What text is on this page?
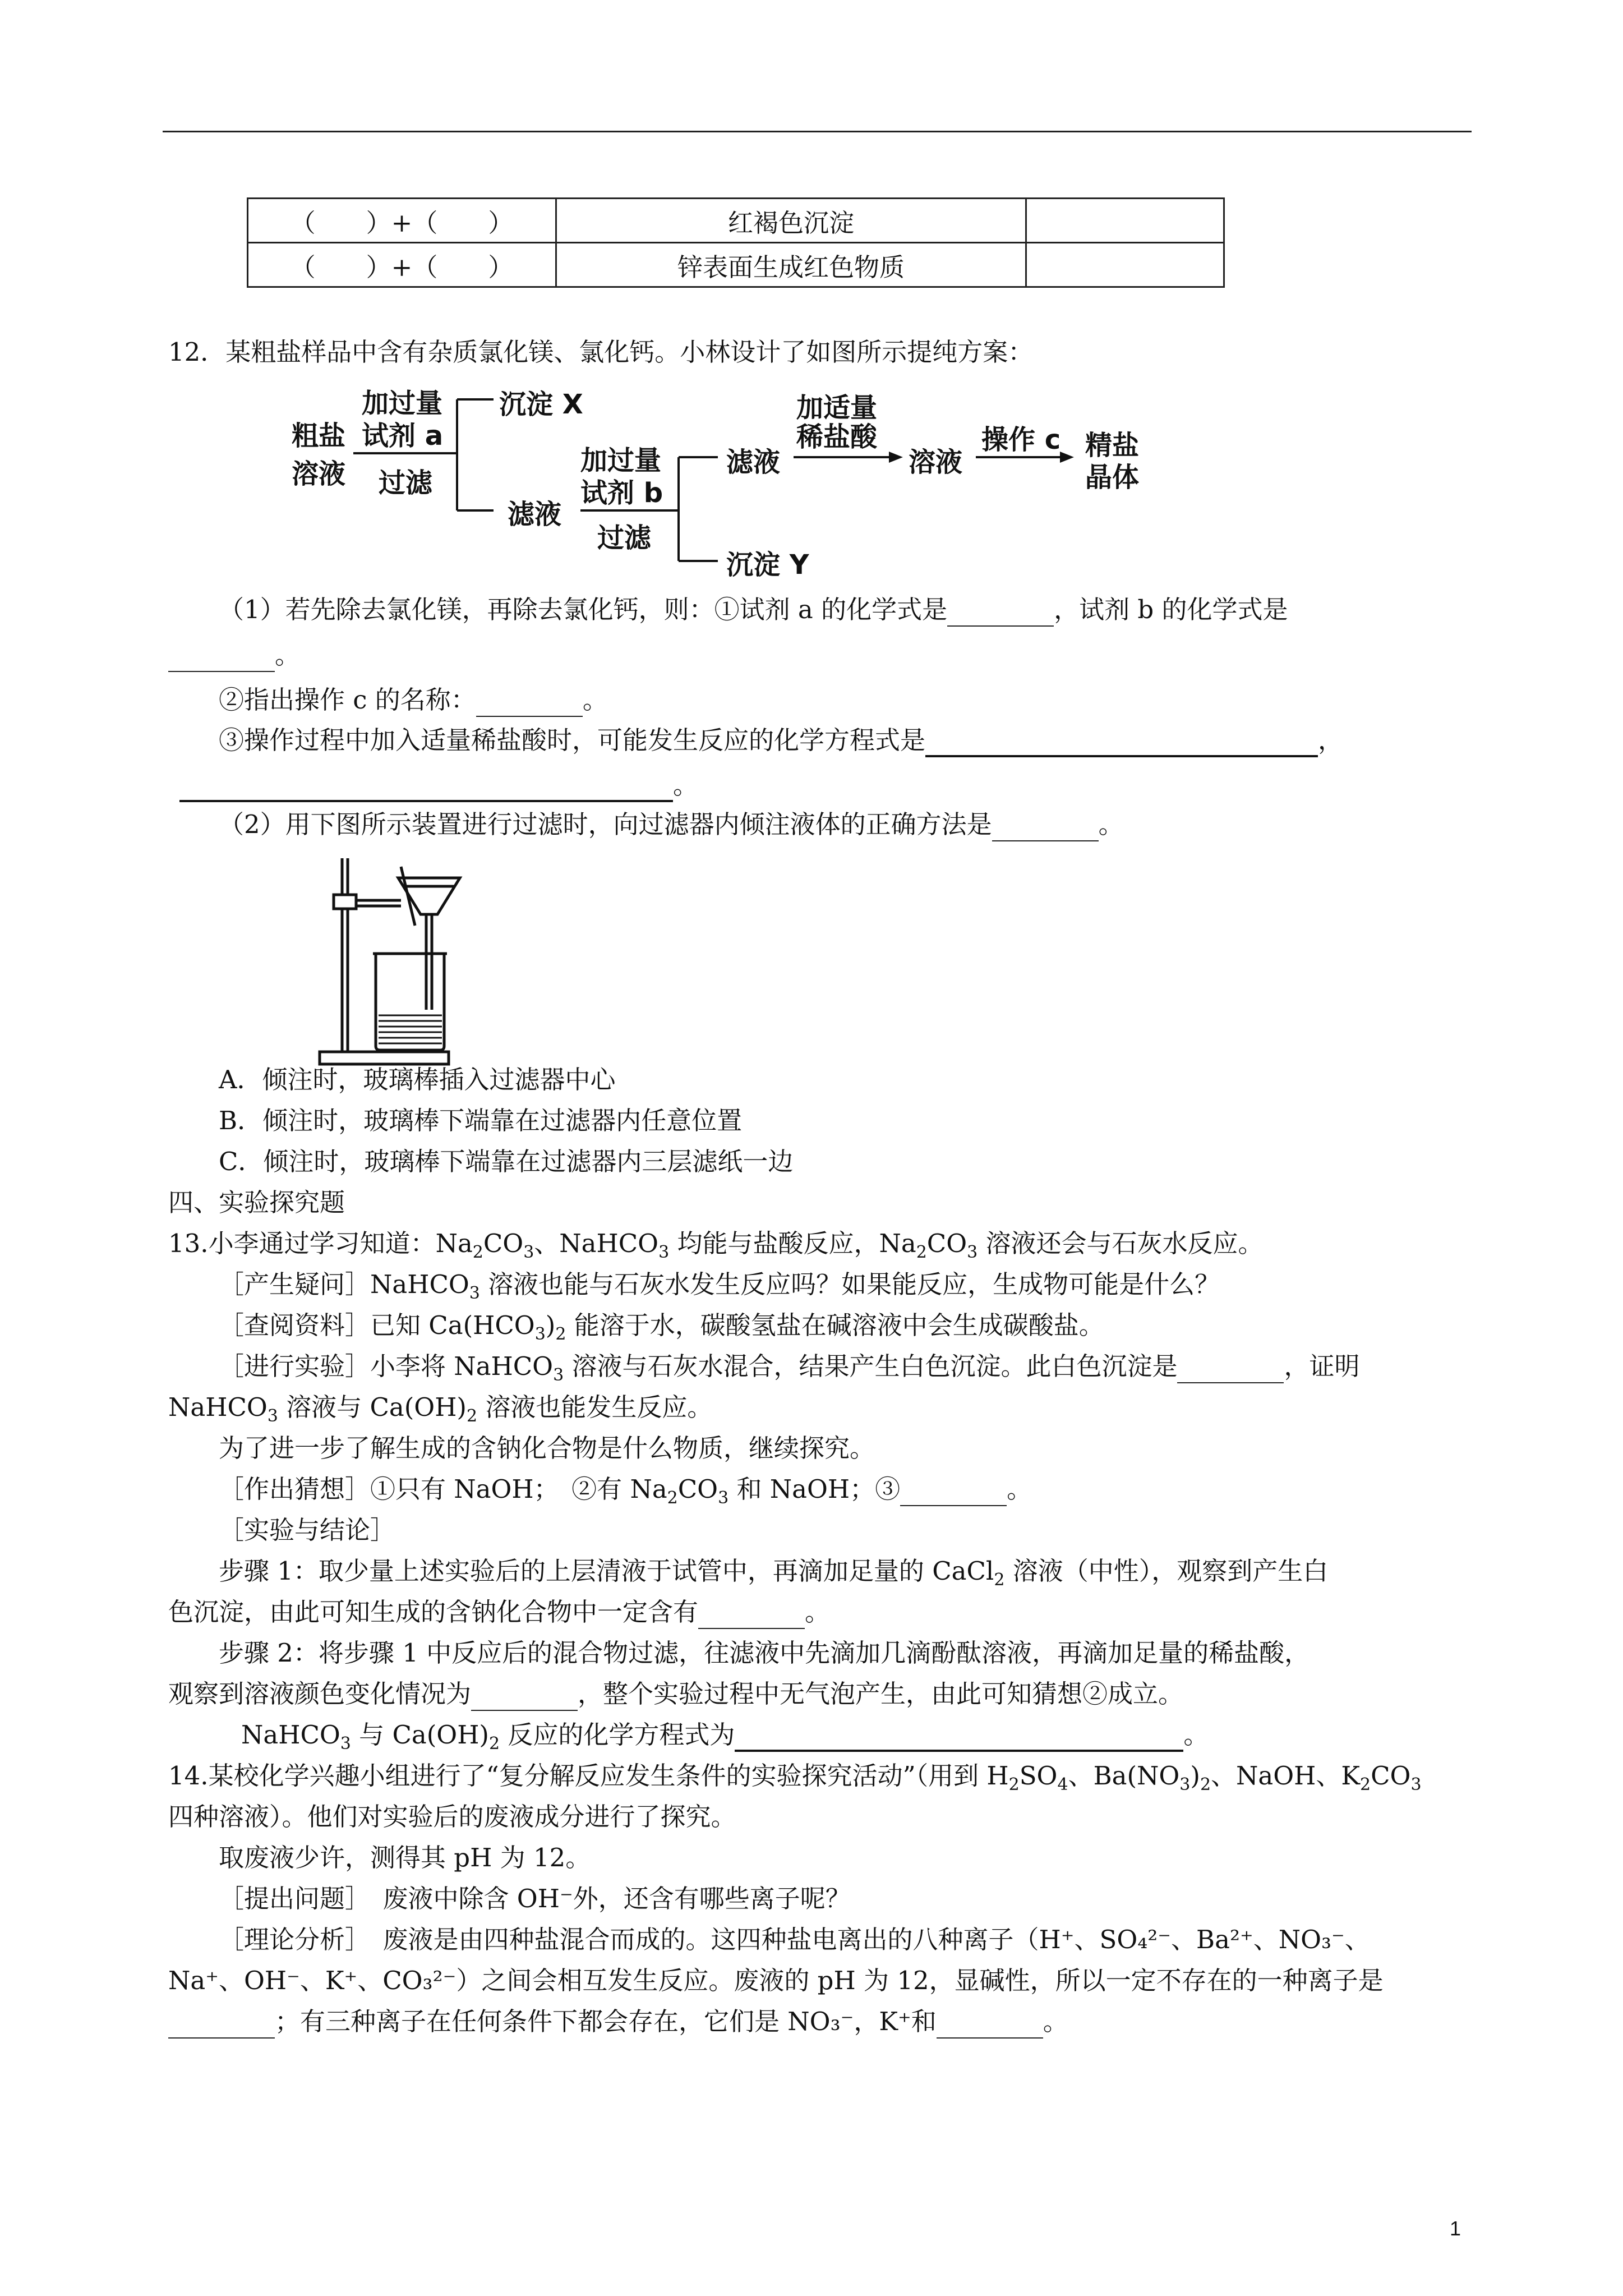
（　　）+（　　）	红褐色沉淀	
（　　）+（　　）	锌表面生成红色物质	
12．某粗盐样品中含有杂质氯化镁、氯化钙。小林设计了如图所示提纯方案：
粗盐
溶液
加过量
试剂 a
过滤
沉淀 X
滤液
加过量
试剂 b
过滤
滤液
沉淀 Y
加适量
稀盐酸
溶液
操作 c 精盐
晶体
（1）若先除去氯化镁，再除去氯化钙，则：①试剂 a 的化学式是	，试剂 b 的化学式是
。
②指出操作 c 的名称：	。
③操作过程中加入适量稀盐酸时，可能发生反应的化学方程式是	，
。
（2）用下图所示装置进行过滤时，向过滤器内倾注液体的正确方法是	。
A．倾注时，玻璃棒插入过滤器中心
B．倾注时，玻璃棒下端靠在过滤器内任意位置
C．倾注时，玻璃棒下端靠在过滤器内三层滤纸一边
四、实验探究题
13.小李通过学习知道：$Na_2CO_3$、NaHCO$_3$ 均能与盐酸反应，$Na_2CO_3$ 溶液还会与石灰水反应。
［产生疑问］NaHCO$_3$ 溶液也能与石灰水发生反应吗？如果能反应，生成物可能是什么？
［查阅资料］已知 $Ca(HCO_3)_2$ 能溶于水，碳酸氢盐在碱溶液中会生成碳酸盐。
［进行实验］小李将 NaHCO$_3$ 溶液与石灰水混合，结果产生白色沉淀。此白色沉淀是	，证明
NaHCO$_3$ 溶液与 $Ca(OH)_2$ 溶液也能发生反应。
为了进一步了解生成的含钠化合物是什么物质，继续探究。
［作出猜想］①只有 NaOH；　②有 $Na_2CO_3$ 和 NaOH；③	。
［实验与结论］
步骤 1：取少量上述实验后的上层清液于试管中，再滴加足量的 CaCl$_2$ 溶液（中性），观察到产生白
色沉淀，由此可知生成的含钠化合物中一定含有	。
步骤 2：将步骤 1 中反应后的混合物过滤，往滤液中先滴加几滴酚酞溶液，再滴加足量的稀盐酸，
观察到溶液颜色变化情况为	，整个实验过程中无气泡产生，由此可知猜想②成立。
NaHCO$_3$ 与 $Ca(OH)_2$ 反应的化学方程式为	。
14.某校化学兴趣小组进行了“复分解反应发生条件的实验探究活动”（用到 $H_2SO_4$、$Ba(NO_3)_2$、NaOH、$K_2CO_3$
四种溶液）。他们对实验后的废液成分进行了探究。
取废液少许，测得其 pH 为 12。
［提出问题］　废液中除含 OH⁻外，还含有哪些离子呢？
［理论分析］　废液是由四种盐混合而成的。这四种盐电离出的八种离子（H⁺、SO₄²⁻、Ba²⁺、NO₃⁻、
Na⁺、OH⁻、K⁺、CO₃²⁻）之间会相互发生反应。废液的 pH 为 12，显碱性，所以一定不存在的一种离子是
；有三种离子在任何条件下都会存在，它们是 NO₃⁻，K⁺和	。
1
